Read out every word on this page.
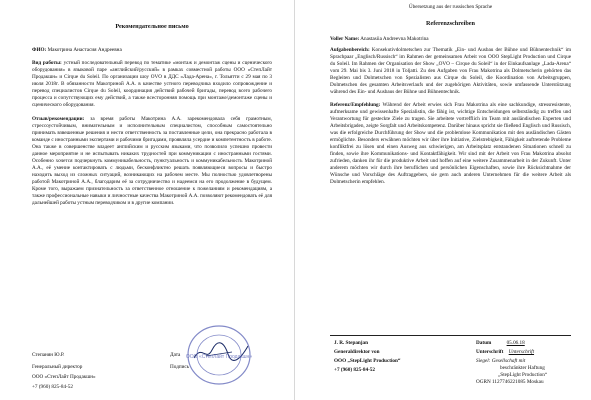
Рекомендательное письмо

ФИО: Макотрина Анастасия Андреевна

Вид работы: устный последовательный перевод по тематике «монтаж и демонтаж сцены и сценического оборудования» в языковой паре «английский/русский» в рамках совместной работы ООО «СтепЛайт Продакшн» и Cirque du Soleil. По организации шоу OVO в ДДС «Лада-Арена», г. Тольятти с 29 мая по 3 июля 2018г. В обязанности Макотриной А.А. в качестве устного переводчика входило сопровождение и перевод специалистов Cirque du Soleil, координация действий рабочей бригады, перевод всего рабочего процесса и сопутствующих ему действий, а также всесторонняя помощь при монтаже/демонтаже сцены и сценического оборудования.

Отзыв/рекомендации: за время работы Макотрина А.А. зарекомендовала себя грамотным, стрессоустойчивым, внимательным и исполнительным специалистом, способным самостоятельно принимать взвешенные решения и нести ответственность за поставленные цели, она прекрасно работала в команде с иностранными экспертами и рабочими бригадами, проявляла усердие и компетентность в работе. Она также в совершенстве владеет английским и русским языками, что позволило успешно провести данное мероприятие и не испытывать никаких трудностей при коммуникации с иностранными гостями. Особенно хочется подчеркнуть коммуникабельность, пунктуальность и коммуникабельность Макотриной А.А., её умение контактировать с людьми, бесконфликтно решать появляющиеся вопросы и быстро находить выход из сложных ситуаций, возникающих на рабочем месте. Мы полностью удовлетворены работой Макотриной А.А., благодарим её за сотрудничество и надеемся на его продолжение в будущем. Кроме того, выражаем признательность за ответственное отношение к пожеланиям и рекомендациям, а также профессиональные навыки и личностные качества Макотриной А.А. позволяют рекомендовать её для дальнейшей работы устным переводчиком и в другие компании.

Степанян Ю.Р.
Генеральный директор
ООО «СтепЛайт Продакшн»
+7 (960) 825-84-52
Дата
Подпись
ООО «СтепЛайт Продакшн»
Übersetzung aus der russischen Sprache
Referenzschreiben

Voller Name: Anastasiia Andreevna Makotrina

Aufgabenbereich: Konsekutivdolmetschen zur Thematik „Ein- und Ausbau der Bühne und Bühnentechnik“ im Sprachpaar „Englisch/Russisch“ im Rahmen der gemeinsamen Arbeit von OOO StepLight Production und Cirque du Soleil. Im Rahmen der Organisation der Show „OVO – Cirque du Soleil“ in der Einkaufsanlage „Lada-Arena“ vom 29. Mai bis 3. Juni 2018 in Toljatti. Zu den Aufgaben von Frau Makotrina als Dolmetscherin gehörten das Begleiten und Dolmetschen von Spezialisten aus Cirque du Soleil, die Koordination von Arbeitsgruppen, Dolmetschen des gesamten Arbeitsverlaufs und der zugehörigen Aktivitäten, sowie umfassende Unterstützung während des Ein- und Ausbaus der Bühne und Bühnentechnik.

Referenz/Empfehlung: Während der Arbeit erwies sich Frau Makotrina als eine sachkundige, stressresistente, aufmerksame und gewissenhafte Spezialistin, die fähig ist, wichtige Entscheidungen selbstständig zu treffen und Verantwortung für gesteckte Ziele zu tragen. Sie arbeitete vortrefflich im Team mit ausländischen Experten und Arbeitsbrigaden, zeigte Sorgfalt und Arbeitskompetenz. Darüber hinaus spricht sie fließend Englisch und Russisch, was die erfolgreiche Durchführung der Show und die problemlose Kommunikation mit den ausländischen Gästen ermöglichte. Besonders erwähnen möchten wir über ihre Initiative, Zielstrebigkeit, Fähigkeit auftretende Probleme konfliktfrei zu lösen und einen Ausweg aus schwierigen, am Arbeitsplatz entstandenen Situationen schnell zu finden, sowie ihre Kommunikations- und Kontaktfähigkeit. Wir sind mit der Arbeit von Frau Makotrina absolut zufrieden, danken ihr für die produktive Arbeit und hoffen auf eine weitere Zusammenarbeit in der Zukunft. Unter anderem möchten wir durch ihre beruflichen und persönlichen Eigenschaften, sowie ihre Rücksichtnahme der Wünsche und Vorschläge des Auftraggebers, sie gern auch anderen Unternehmen für die weitere Arbeit als Dolmetscherin empfehlen.

J. R. Stepanjan
Generaldirektor von
OOO „StepLight Production“
+7 (960) 825-84-52
Datum	05.06.18
Unterschrift Unterschrift
Siegel: Gesellschaft mit
beschränkter Haftung
„StepLight Production“
OGRN 1127746221085 Moskau
